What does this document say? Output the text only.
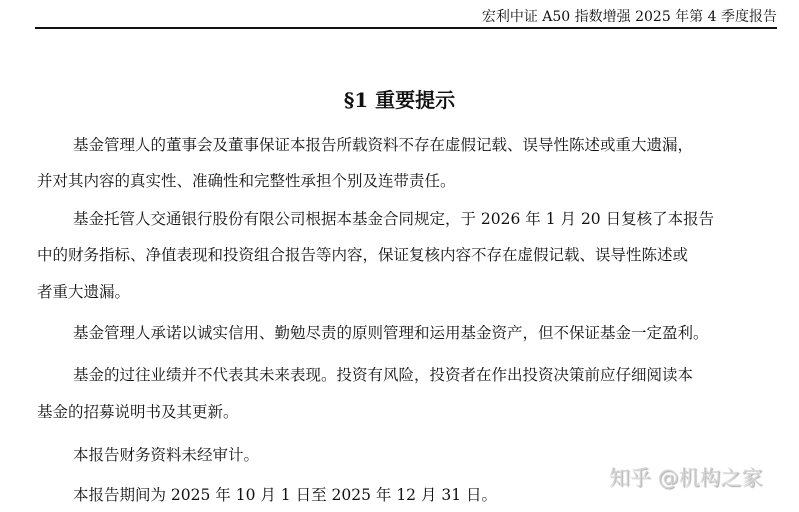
宏利中证 A50 指数增强 2025 年第 4 季度报告
§1 重要提示
基金管理人的董事会及董事保证本报告所载资料不存在虚假记载、误导性陈述或重大遗漏，
并对其内容的真实性、准确性和完整性承担个别及连带责任。
基金托管人交通银行股份有限公司根据本基金合同规定，于 2026 年 1 月 20 日复核了本报告
中的财务指标、净值表现和投资组合报告等内容，保证复核内容不存在虚假记载、误导性陈述或
者重大遗漏。
基金管理人承诺以诚实信用、勤勉尽责的原则管理和运用基金资产，但不保证基金一定盈利。
基金的过往业绩并不代表其未来表现。投资有风险，投资者在作出投资决策前应仔细阅读本
基金的招募说明书及其更新。
本报告财务资料未经审计。
本报告期间为 2025 年 10 月 1 日至 2025 年 12 月 31 日。
知乎 @机构之家
